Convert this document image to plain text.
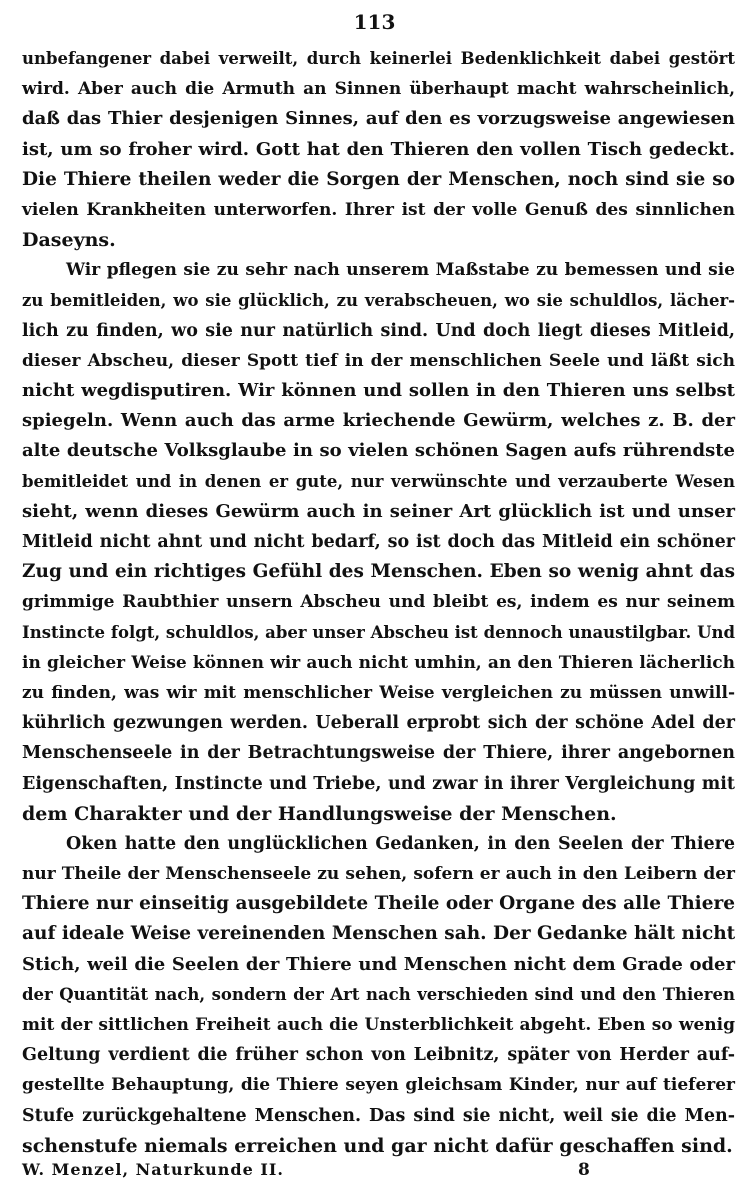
113
unbefangener dabei verweilt, durch keinerlei Bedenklichkeit dabei gestört
wird. Aber auch die Armuth an Sinnen überhaupt macht wahrscheinlich,
daß das Thier desjenigen Sinnes, auf den es vorzugsweise angewiesen
ist, um so froher wird. Gott hat den Thieren den vollen Tisch gedeckt.
Die Thiere theilen weder die Sorgen der Menschen, noch sind sie so
vielen Krankheiten unterworfen. Ihrer ist der volle Genuß des sinnlichen
Daseyns.
Wir pflegen sie zu sehr nach unserem Maßstabe zu bemessen und sie
zu bemitleiden, wo sie glücklich, zu verabscheuen, wo sie schuldlos, lächer-
lich zu finden, wo sie nur natürlich sind. Und doch liegt dieses Mitleid,
dieser Abscheu, dieser Spott tief in der menschlichen Seele und läßt sich
nicht wegdisputiren. Wir können und sollen in den Thieren uns selbst
spiegeln. Wenn auch das arme kriechende Gewürm, welches z. B. der
alte deutsche Volksglaube in so vielen schönen Sagen aufs rührendste
bemitleidet und in denen er gute, nur verwünschte und verzauberte Wesen
sieht, wenn dieses Gewürm auch in seiner Art glücklich ist und unser
Mitleid nicht ahnt und nicht bedarf, so ist doch das Mitleid ein schöner
Zug und ein richtiges Gefühl des Menschen. Eben so wenig ahnt das
grimmige Raubthier unsern Abscheu und bleibt es, indem es nur seinem
Instincte folgt, schuldlos, aber unser Abscheu ist dennoch unaustilgbar. Und
in gleicher Weise können wir auch nicht umhin, an den Thieren lächerlich
zu finden, was wir mit menschlicher Weise vergleichen zu müssen unwill-
kührlich gezwungen werden. Ueberall erprobt sich der schöne Adel der
Menschenseele in der Betrachtungsweise der Thiere, ihrer angebornen
Eigenschaften, Instincte und Triebe, und zwar in ihrer Vergleichung mit
dem Charakter und der Handlungsweise der Menschen.
Oken hatte den unglücklichen Gedanken, in den Seelen der Thiere
nur Theile der Menschenseele zu sehen, sofern er auch in den Leibern der
Thiere nur einseitig ausgebildete Theile oder Organe des alle Thiere
auf ideale Weise vereinenden Menschen sah. Der Gedanke hält nicht
Stich, weil die Seelen der Thiere und Menschen nicht dem Grade oder
der Quantität nach, sondern der Art nach verschieden sind und den Thieren
mit der sittlichen Freiheit auch die Unsterblichkeit abgeht. Eben so wenig
Geltung verdient die früher schon von Leibnitz, später von Herder auf-
gestellte Behauptung, die Thiere seyen gleichsam Kinder, nur auf tieferer
Stufe zurückgehaltene Menschen. Das sind sie nicht, weil sie die Men-
schenstufe niemals erreichen und gar nicht dafür geschaffen sind.
W. Menzel, Naturkunde II.	8
